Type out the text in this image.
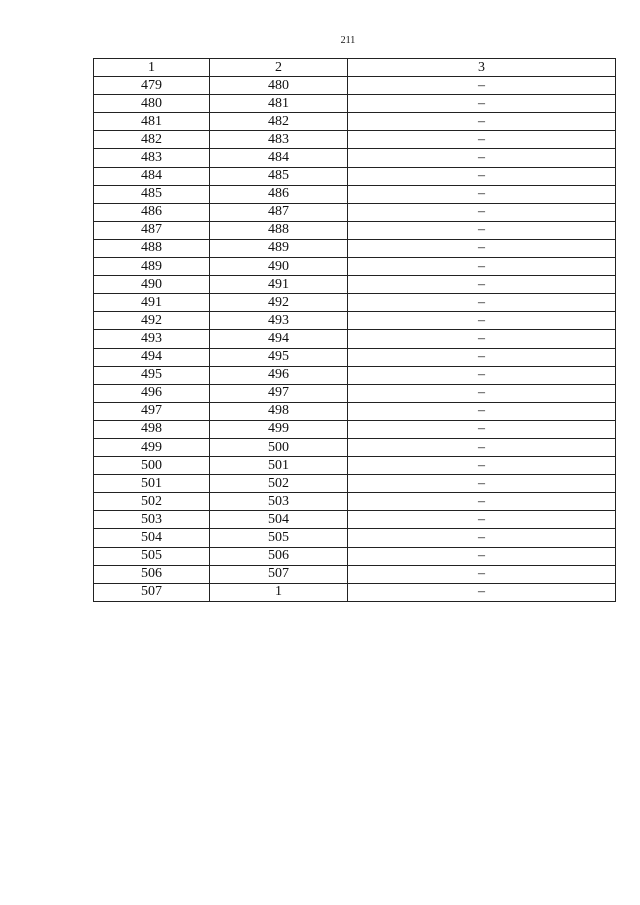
211
1	2	3
479	480	–
480	481	–
481	482	–
482	483	–
483	484	–
484	485	–
485	486	–
486	487	–
487	488	–
488	489	–
489	490	–
490	491	–
491	492	–
492	493	–
493	494	–
494	495	–
495	496	–
496	497	–
497	498	–
498	499	–
499	500	–
500	501	–
501	502	–
502	503	–
503	504	–
504	505	–
505	506	–
506	507	–
507	1	–
